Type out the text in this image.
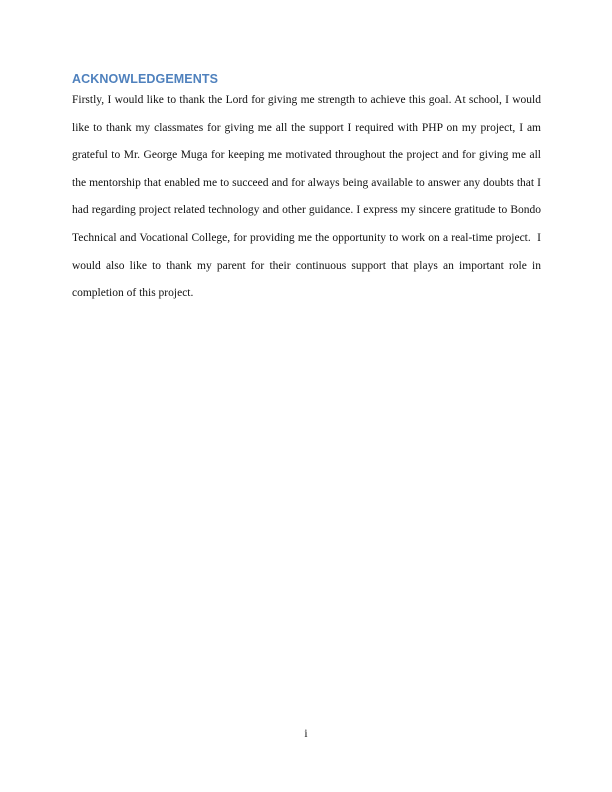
ACKNOWLEDGEMENTS

Firstly, I would like to thank the Lord for giving me strength to achieve this goal. At school, I would like to thank my classmates for giving me all the support I required with PHP on my project, I am grateful to Mr. George Muga for keeping me motivated throughout the project and for giving me all the mentorship that enabled me to succeed and for always being available to answer any doubts that I had regarding project related technology and other guidance. I express my sincere gratitude to Bondo Technical and Vocational College, for providing me the opportunity to work on a real-time project.  I would also like to thank my parent for their continuous support that plays an important role in completion of this project.

i
